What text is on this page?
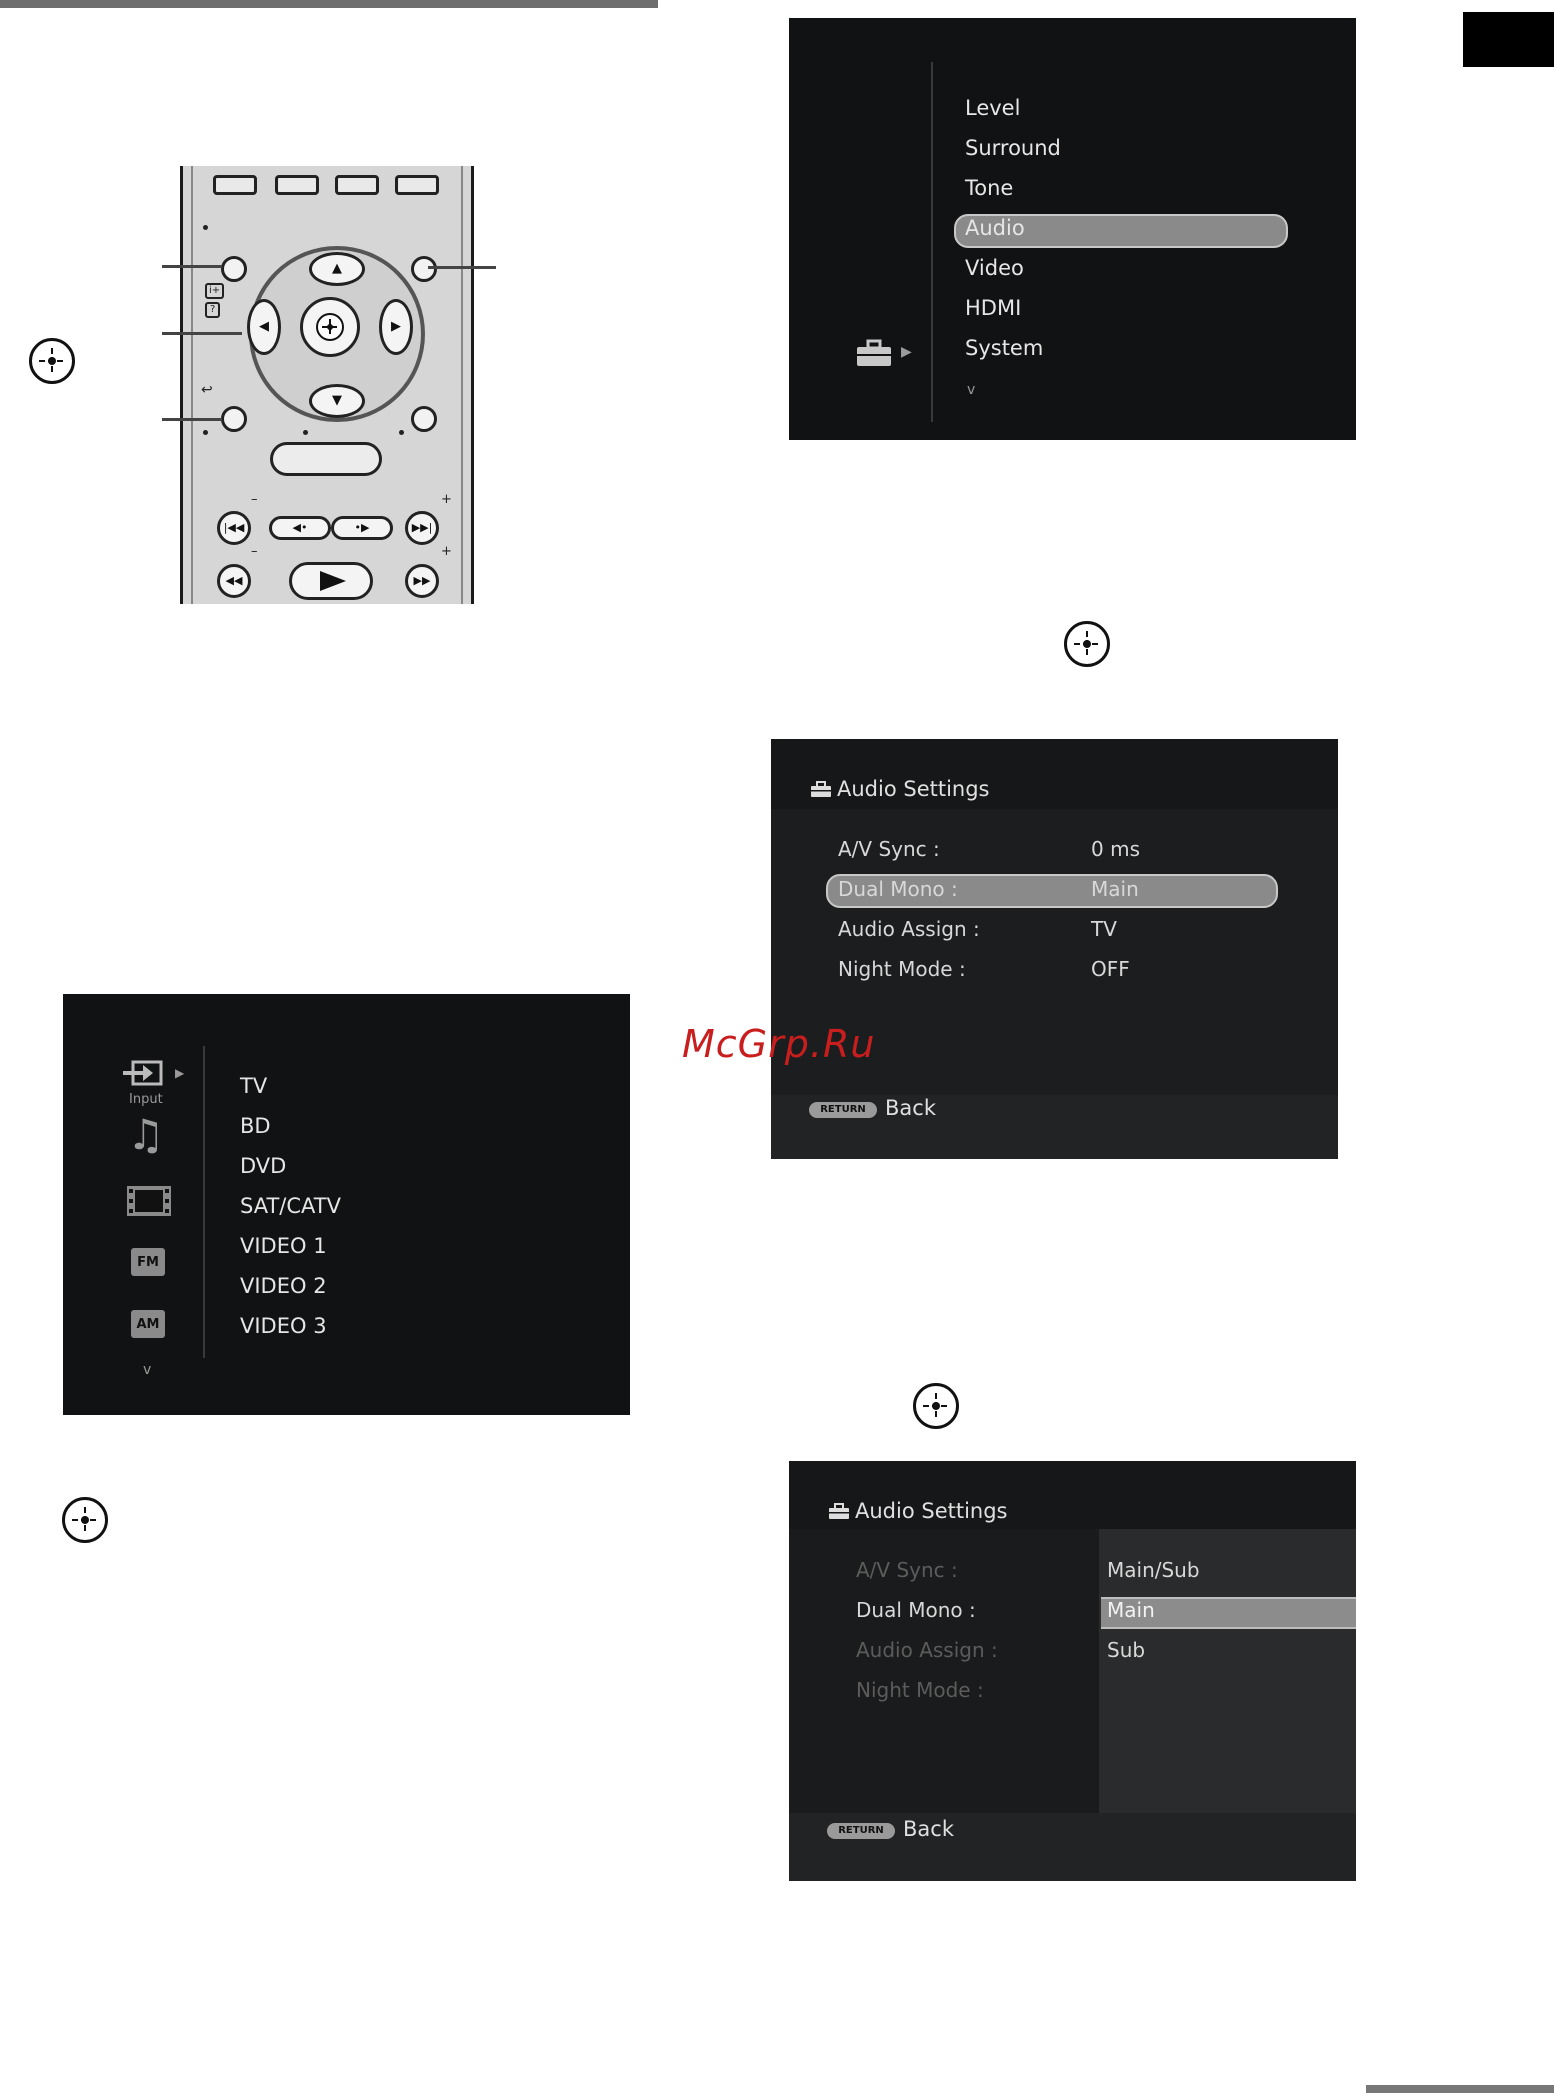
i+
?
▲
▼
◀	▶
↩
–	+
|◀◀	◀•	•▶	▶▶|
–	+
◀◀	▶▶
Level
Surround
Tone
Audio
Video
HDMI
System
v
▶
▶
Input
♫
FM
AM
v
TV
BD
DVD
SAT/CATV
VIDEO 1
VIDEO 2
VIDEO 3
Audio Settings
A/V Sync :	0 ms
Dual Mono :	Main
Audio Assign :	TV
Night Mode :	OFF
RETURN Back
Audio Settings
A/V Sync :
Dual Mono :
Audio Assign :
Night Mode :
Main/Sub
Main
Sub
RETURN Back
McGrp.Ru
